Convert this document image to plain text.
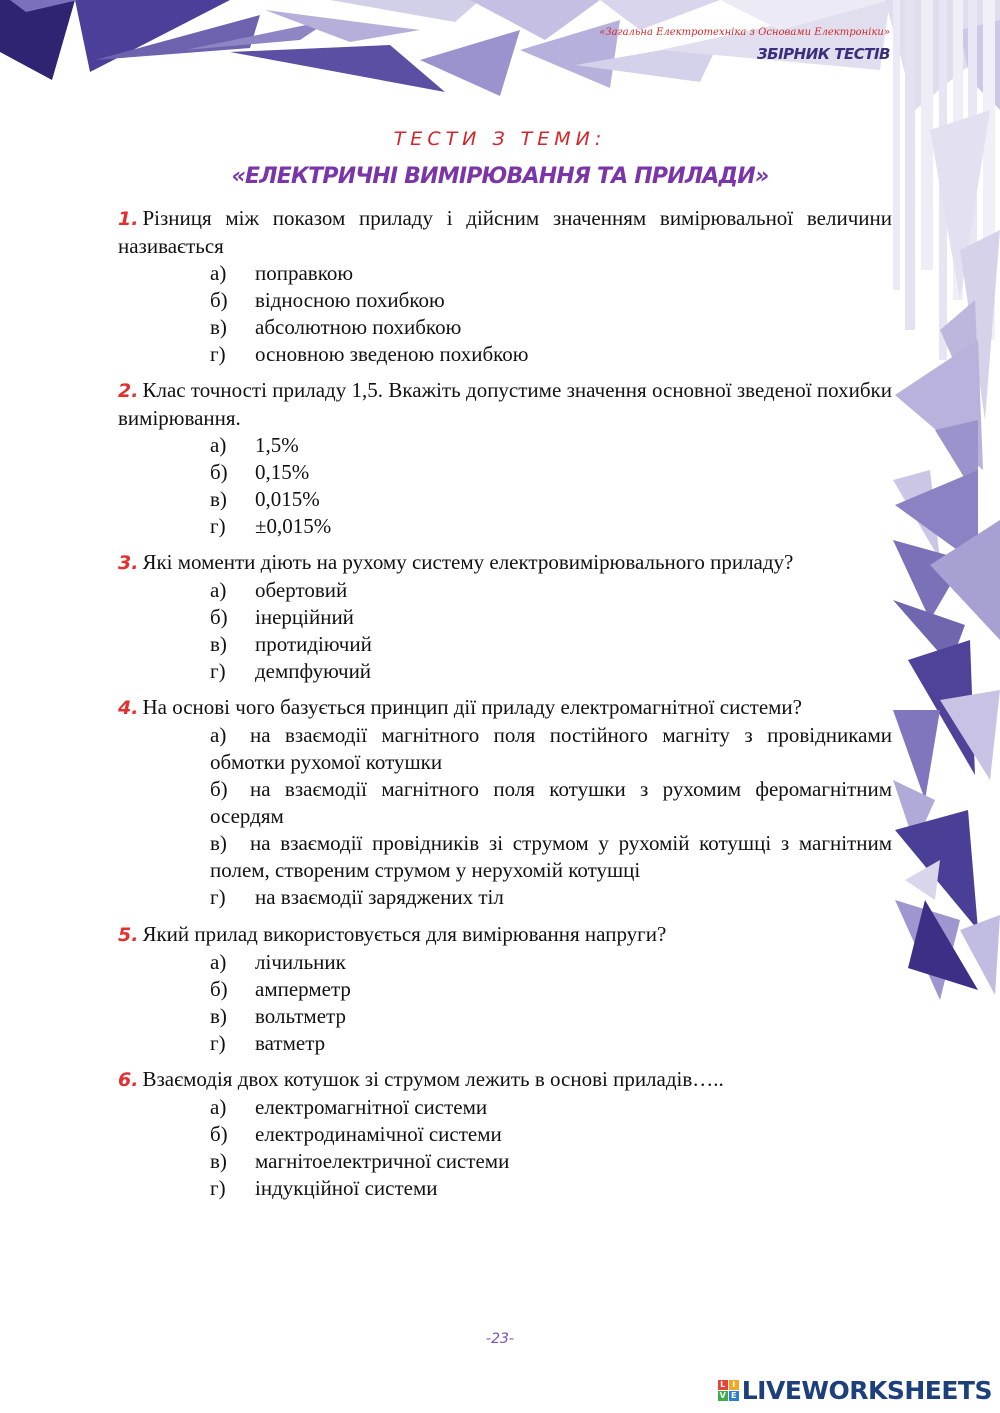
«Загальна Електротехніка з Основами Електроніки»
ЗБІРНИК ТЕСТІВ
ТЕСТИ З ТЕМИ:
«ЕЛЕКТРИЧНІ ВИМІРЮВАННЯ ТА ПРИЛАДИ»
1. Різниця між показом приладу і дійсним значенням вимірювальної величини називається
а)	поправкою
б)	відносною похибкою
в)	абсолютною похибкою
г)	основною зведеною похибкою
2. Клас точності приладу 1,5. Вкажіть допустиме значення основної зведеної похибки вимірювання.
а)	1,5%
б)	0,15%
в)	0,015%
г)	±0,015%
3. Які моменти діють на рухому систему електровимірювального приладу?
а)	обертовий
б)	інерційний
в)	протидіючий
г)	демпфуючий
4. На основі чого базується принцип дії приладу електромагнітної системи?
а) на взаємодії магнітного поля постійного магніту з провідниками обмотки рухомої котушки
б) на взаємодії магнітного поля котушки з рухомим феромагнітним осердям
в) на взаємодії провідників зі струмом у рухомій котушці з магнітним полем, створеним струмом у нерухомій котушці
г)	на взаємодії заряджених тіл
5. Який прилад використовується для вимірювання напруги?
а)	лічильник
б)	амперметр
в)	вольтметр
г)	ватметр
6. Взаємодія двох котушок зі струмом лежить в основі приладів…..
а)	електромагнітної системи
б)	електродинамічної системи
в)	магнітоелектричної системи
г)	індукційної системи
-23-
L I
V E LIVEWORKSHEETS
